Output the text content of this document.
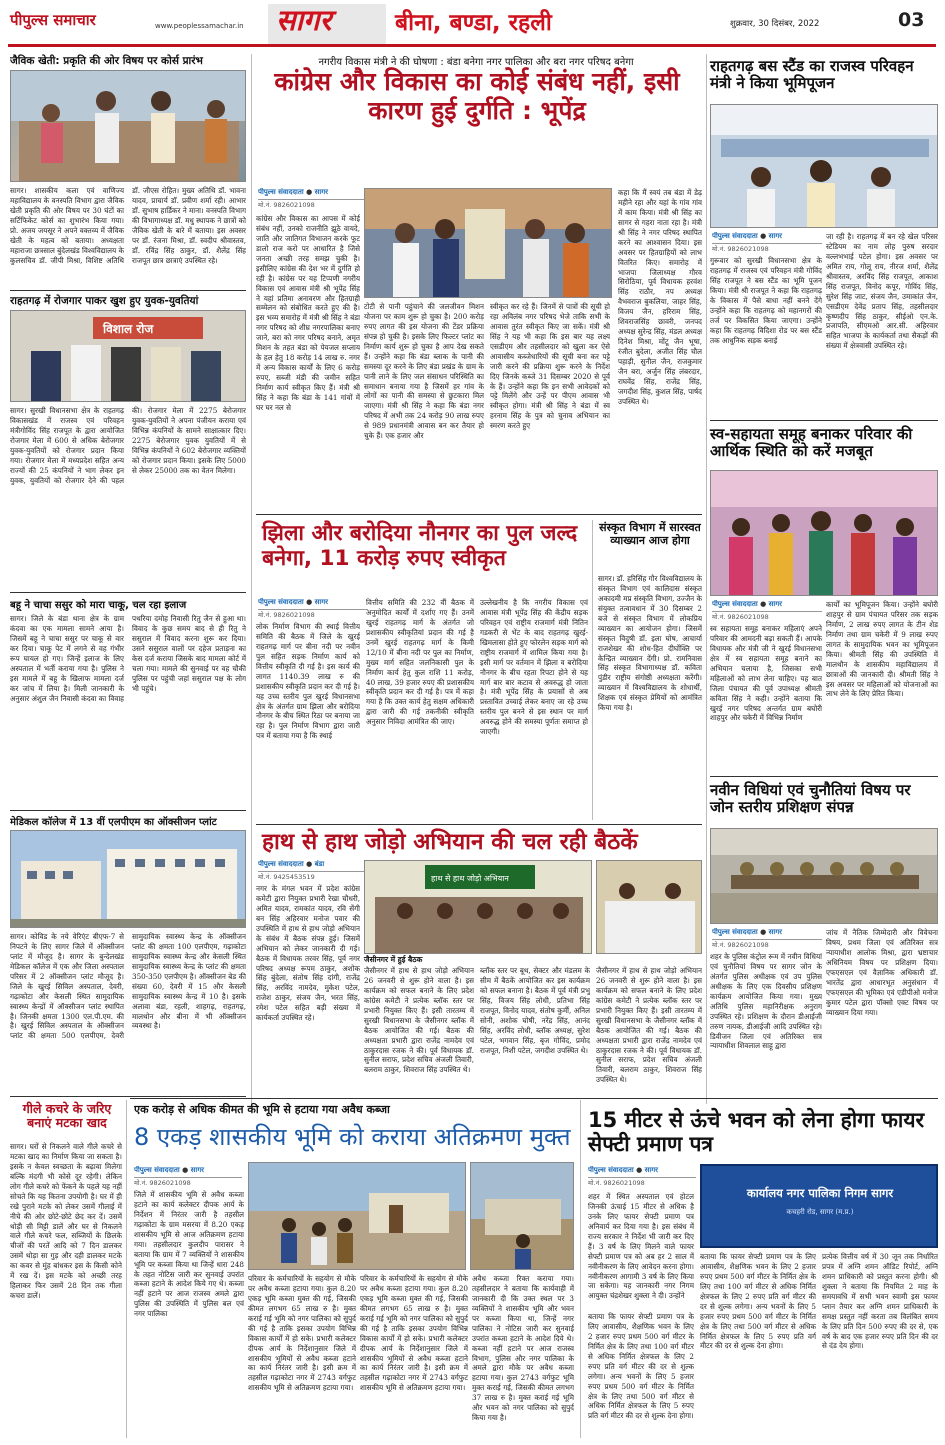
पीपुल्स समाचार	www.peoplessamachar.in सागर	बीना, बण्डा, रहली	शुक्रवार, 30 दिसंबर, 2022	03
जैविक खेती: प्रकृति की ओर विषय पर कोर्स प्रारंभ
सागर। शासकीय कला एवं वाणिज्य महाविद्यालय के वनस्पति विभाग द्वारा जैविक खेती प्रकृति की ओर विषय पर 30 घंटों का सर्टिफिकेट कोर्स का शुभारंभ किया गया। प्रो. अजय जयसूर ने अपने वक्तव्य में जैविक खेती के महत्व को बताया। अध्यक्षता महाराजा छत्रसाल बुंदेलखंड विश्वविद्यालय के कुलसचिव डॉ. जीपी मिश्रा, विशिष्ट अतिथि डॉ. जीएस रोहित। मुख्य अतिथि डॉ. भावना यादव, प्राचार्य डॉ. प्रवीण शर्मा रही। आभार डॉ. सुभाष हार्डिकर ने माना। वनस्पति विभाग की विभागाध्यक्ष डॉ. मधु स्थापक ने छात्रों को जैविक खेती के बारे में बताया। इस अवसर पर डॉ. रंजना मिश्रा, डॉ. स्वदीप श्रीवास्तव, डॉ. रविंद्र सिंह ठाकुर, डॉ. शैलेंद्र सिंह राजपूत छात्र छात्राएं उपस्थित रहे।
राहतगढ़ में रोजगार पाकर खुश हुए युवक-युवतियां
विशाल रोज
सागर। सुरखी विधानसभा क्षेत्र के राहतगढ़ विकासखंड में राजस्व एवं परिवहन मंत्रीगोविंद सिंह राजपूत के द्वारा आयोजित रोजगार मेला में 600 से अधिक बेरोजगार युवक-युवतियों को रोजगार प्रदान किया गया। रोजगार मेला में मध्यप्रदेश सहित अन्य राज्यों की 25 कंपनियों ने भाग लेकर इन युवक, युवतियों को रोजगार देने की पहल की। रोजगार मेला में 2275 बेरोजगार युवक-युवतियों ने अपना पंजीयन कराया एवं विभिन्न कंपनियों के सामने साक्षात्कार दिए। 2275 बेरोजगार युवक युवतियों में से विभिन्न कंपनियों ने 602 बेरोजगार व्यक्तियों को रोजगार प्रदान किया। इसके लिए 5000 से लेकर 25000 तक का वेतन मिलेगा।
बहू ने चाचा ससुर को मारा चाकू, चल रहा इलाज
सागर। जिले के बंडा थाना क्षेत्र के ग्राम कंदवा का एक मामला सामने आया है। जिसमें बहू ने चाचा ससुर पर चाकू से वार कर दिया। चाकू पेट में लगने से वह गंभीर रूप घायल हो गए। जिन्हें इलाज के लिए अस्पताल में भर्ती कराया गया है। पुलिस ने इस मामले में बहू के खिलाफ मामला दर्ज कर जांच में लिया है। मिली जानकारी के अनुसार अंशुल जैन निवासी कंदवा का विवाह पथरिया दमोह निवासी रितु जैन से हुआ था। विवाद के कुछ समय बाद से ही रितु ने ससुराल में विवाद करना शुरू कर दिया। उसने ससुराल वालों पर दहेज प्रताड़ना का केस दर्ज कराया जिसके बाद मामला कोर्ट में चला गया। मामले की सुनवाई पर वह चौकी पुलिस पर पहुंची जहां ससुराल पक्ष के लोग भी पहुंचे।
मेडिकल कॉलेज में 13 वीं एलपीएम का ऑक्सीजन प्लांट
सागर। कोविड के नये वेरिएंट बीएफ-7 से निपटने के लिए सागर जिले में ऑक्सीजन प्लांट में मौजूद है। सागर के बुन्देलखंड मेडिकल कॉलेज में एक और जिला अस्पताल परिसर में 2 ऑक्सीजन प्लांट मौजूद है। जिले के खुरई सिविल अस्पताल, देवरी, गढ़ाकोटा और केसली स्थित सामुदायिक स्वास्थ्य केन्द्रों में ऑक्सीजन प्लांट स्थापित है। जिनकी क्षमता 1300 एल.पी.एम. की है। खुरई सिविल अस्पताल के ऑक्सीजन प्लांट की क्षमता 500 एलपीएम, देवरी सामुदायिक स्वास्थ्य केन्द्र के ऑक्सीजन प्लांट की क्षमता 100 एलपीएम, गढ़ाकोटा सामुदायिक स्वास्थ्य केन्द्र और केसली स्थित सामुदायिक स्वास्थ्य केन्द्र के प्लांट की क्षमता 350-350 एलपीएम है। ऑक्सीजन बेड की संख्या 60, देवरी में 15 और केसली सामुदायिक स्वास्थ्य केन्द्र में 10 है। इसके अलावा बंडा, रहली, शाहगढ़, राहतगढ़, मालथोन और बीना में भी ऑक्सीजन व्यवस्था है।
गीले कचरे के जरिए बनाएं मटका खाद
सागर। घरों से निकलने वाले गीले कचरे से मटका खाद का निर्माण किया जा सकता है। इसके न केवल स्वच्छता के बढ़ावा मिलेगा बल्कि मंदगी भी कोसे दूर रहेगी। लेकिन लोग गीले कचरे को फेंकने के पहले यह नहीं सोचते कि यह कितना उपयोगी है। घर में ही रखे पुराने मटके को लेकर उसमें गीलाई में नीचे की ओर छोटे-छोटे छेद कर दें। उसमें थोड़ी सी मिट्टी डालें और घर से निकलने वाले गीले कचरे फल, सब्जियों के छिलके चीजों की परतें आदि को 7 दिन डालकर उसमें थोड़ा सा गुड़ और दही डालकर मटके का कवर से मुंह बांधकर इस के किसी कोने में रख दें। इस मटके को अच्छी तरह हिलाकर फिर उसमें 28 दिन तक गीला कचरा डालें।
नगरीय विकास मंत्री ने की घोषणा : बंडा बनेगा नगर पालिका और बरा नगर परिषद बनेगा
कांग्रेस और विकास का कोई संबंध नहीं, इसी कारण हुई दुर्गति : भूपेंद्र
पीपुल्स संवाददाता ● सागर
मो.नं. 9826021098
कांग्रेस और विकास का आपस में कोई संबंध नहीं, उनको राजनीति झूठे वायदे, जाति और जातिगत विभाजन करके फूट डालो राज करो पर आधारित है जिसे जनता अच्छी तरह समझ चुकी है। इसीलिए कांग्रेस की देश भर में दुर्गति हो रही है। कांग्रेस पर यह टिप्पणी नगरीय विकास एवं आवास मंत्री श्री भूपेंद्र सिंह ने यहां प्रतिमा अनावरण और हितग्राही सम्मेलन को संबोधित करते हुए की है। इस भव्य समारोह में मंत्री श्री सिंह ने बंडा नगर परिषद को शीघ्र नगरपालिका बनाए जाने, बरा को नगर परिषद बनाने, अमृत मिशन के तहत बंडा को पेयजल सप्लाय के हल हेतु 18 करोड़ 14 लाख रु. नगर में अन्य विकास कार्यों के लिए 6 करोड़ रुपए, सब्जी मंडी की जमीन सहित निर्माण कार्य स्वीकृत किए हैं। मंत्री श्री सिंह ने कहा कि बंडा के 141 गांवों में घर घर नल से
टोटी से पानी पहुंचाने की जलजीवन मिशन योजना पर काम शुरू हो चुका है। 200 करोड़ रुपए लागत की इस योजना की टेंडर प्रक्रिया संपन्न हो चुकी है। इसके लिए फिल्टर प्लांट का निर्माण कार्य शुरू हो चुका है आप देख सकते हैं। उन्होंने कहा कि बंडा ब्लाक के पानी की समस्या दूर करने के लिए बंडा प्रखंड के ग्राम के पानी लाने के लिए जल संसाधन परिस्थिति का समाधान बनाया गया है जिसमें हर गांव के लोगों का पानी की समस्या से छुटकारा मिल जाएगा। मंत्री श्री सिंह ने कहा कि बंडा नगर परिषद में अभी तक 24 करोड़ 90 लाख रुपए से 989 प्रधानमंत्री आवास बन कर तैयार हो चुके हैं। एक हजार और
स्वीकृत कर रहे हैं। जिनमें से पात्रों की सूची हो रहा अविलंब नगर परिषद भेजे ताकि सभी के आवास तुरंत स्वीकृत किए जा सकें। मंत्री श्री सिंह ने यह भी कहा कि इस बार यह लक्ष्य एसडीएम और तहसीलदार को खुला कर ऐसे आवासीय कब्जेधारियों की सूची बना कर पट्टे जारी करने की प्रक्रिया शुरू करने के निर्देश दिए जिनके कब्जे 31 दिसम्बर 2020 से पूर्व के हैं। उन्होंने कहा कि इन सभी आवेदकों को पट्टे मिलेंगे और उन्हें पर पीएम आवास भी स्वीकृत होगा। मंत्री श्री सिंह ने बंडा में स्व हरनाम सिंह के पुत्र को चुनाव अभियान का स्मरण करते हुए
कहा कि मैं स्वयं तब बंडा में डेढ़ महीने रहा और यहां के गांव गांव में काम किया। मंत्री श्री सिंह का सागर से गहरा नाता रहा है। मंत्री श्री सिंह ने नगर परिषद स्थापित करने का आश्वासन दिया। इस अवसर पर हितग्राहियों को लाभ वितरित किए। समारोह में भाजपा जिलाध्यक्ष गौरव सिरोठिया, पूर्व विधायक हरवंश सिंह राठौर, नप अध्यक्ष वैभवराज बुकलिया, जाहर सिंह, विजय जैन, हरिराम सिंह, शिवराजसिंह छावरी, जनपद अध्यक्ष सुरेन्द्र सिंह, मंडल अध्यक्ष दिनेश मिश्रा, मोंटू जैन भूषा, रंजीत बुदेला, अजीत सिंह चौल पहाड़ी, सुनील जैन, राजकुमार जैन बरा, अर्जुन सिंह लंबरदार, राघवेंद्र सिंह, राजेंद्र सिंह, जगदीश सिंह, कुशल सिंह, पार्षद उपस्थित थे।
झिला और बरोदिया नौनगर का पुल जल्द बनेगा, 11 करोड़ रुपए स्वीकृत
पीपुल्स संवाददाता ● सागर
मो.नं. 9826021098
लोक निर्माण विभाग की स्थाई वित्तीय समिति की बैठक में जिले के खुरई राहतगढ़ मार्ग पर बीना नदी पर नवीन पुल सहित सड़क निर्माण कार्य को वित्तीय स्वीकृति दी गई है। इस कार्य की लागत 1140.39 लाख रु की प्रशासकीय स्वीकृति प्रदान कर दी गई है। यह उच्च स्तरीय पुल खुरई विधानसभा क्षेत्र के अंतर्गत ग्राम झिला और बरोदिया नौनगर के बीच स्थित रिठा पर बनाया जा रहा है। पुल निर्माण विभाग द्वारा जारी पत्र में बताया गया है कि स्थाई
वित्तीय समिति की 232 वीं बैठक में अनुमोदित कार्यों में दर्शाए गए हैं। उनमें खुरई राहतगढ़ मार्ग के अंतर्गत जो प्रशासकीय स्वीकृतियां प्रदान की गई है उनमें खुरई राहतगढ़ मार्ग के किमी 12/10 में बीना नदी पर पुल का निर्माण, मुख्य मार्ग सहित जलनिकासी पुल के निर्माण कार्य हेतु कुल राशि 11 करोड़, 40 लाख, 39 हजार रुपए की प्रशासकीय स्वीकृति प्रदान कर दी गई है। पत्र में कहा गया है कि उक्त कार्य हेतु सक्षम अधिकारी द्वारा जारी की गई तकनीकी स्वीकृति अनुसार निविदा आमंत्रित की जाए।
उल्लेखनीय है कि नगरीय विकास एवं आवास मंत्री भूपेंद्र सिंह की केंद्रीय सड़क परिवहन एवं राष्ट्रीय राजमार्ग मंत्री नितिन गडकरी से भेंट के बाद राहतगढ़ खुरई-खिमलासा होते हुए फोरलेन सड़क मार्ग को राष्ट्रीय राजमार्ग में शामिल किया गया है। इसी मार्ग पर वर्तमान में झिला व बरोदिया नौनगर के बीच रहता रिपटा होने से यह मार्ग बार बार कटाव से अवरुद्ध हो जाता है। मंत्री भूपेंद्र सिंह के प्रयासों से अब प्रस्तावित उच्चाई लेकर बनाए जा रहे उच्च स्तरीय पुल बनने से इस स्थान पर मार्ग अवरुद्ध होने की समस्या पूर्णतः समाप्त हो जाएगी।
संस्कृत विभाग में सारस्वत व्याख्यान आज होगा
सागर। डॉ. हरिसिंह गौर विश्वविद्यालय के संस्कृत विभाग एवं कालिदास संस्कृत अकादमी मप्र संस्कृति विभाग, उज्जैन के संयुक्त तत्वावधान में 30 दिसम्बर 2 बजे से संस्कृत विभाग में लोकप्रिय व्याख्यान का आयोजन होगा। जिसमें संस्कृत विदुषी डॉ. इला घोष, आचार्या राजशेखर की शोध-हित दीर्घोक्ति पर केन्द्रित व्याख्यान देंगी। प्रो. रामनिवास सिंह संस्कृत विभागाध्यक्ष डॉ. कविता पुंडीर राष्ट्रीय संगोष्ठी अध्यक्षता करेंगी। व्याख्यान में विश्वविद्यालय के शोधार्थी, शिक्षक एवं संस्कृत प्रेमियों को आमंत्रित किया गया है।
हाथ से हाथ जोड़ो अभियान की चल रही बैठकें
पीपुल्स संवाददाता ● बंडा
मो.नं. 9425453519	हाथ से हाथ जोड़ो अभियान
जैसीनगर में हुई बैठक
नगर के मंगल भवन में प्रदेश कांग्रेस कमेटी द्वारा नियुक्त प्रभारी रेखा चौधरी, अमित यादव, रामकांत यादव, रवि सेंगी बन सिंह अहिरवार मनोज पवार की उपस्थिति में हाथ से हाथ जोड़ो अभियान के संबंध में बैठक संपन्न हुई। जिसमें अभियान को लेकर जानकारी दी गई। बैठक में विधायक तरवर सिंह, पूर्व नगर परिषद अध्यक्ष रूपम ठाकुर, अशोक सिंह बुंदेला, संतोष सिंह दांगी, राजेंद्र सिंह, अरविंद नामदेव, मुकेश पटेल, राजेश ठाकुर, संजय जैन, भरत सिंह, रमेश पटेल सहित बड़ी संख्या में कार्यकर्ता उपस्थित रहे।
जैसीनगर में हाथ से हाथ जोड़ो अभियान 26 जनवरी से शुरू होने वाला है। इस कार्यक्रम को सफल बनाने के लिए प्रदेश कांग्रेस कमेटी ने प्रत्येक ब्लॉक स्तर पर प्रभारी नियुक्त किए हैं। इसी तारतम्य में सुरखी विधानसभा के जैसीनगर ब्लॉक में बैठक आयोजित की गई। बैठक की अध्यक्षता प्रभारी द्वारा राजेंद्र नामदेव एवं ठाकुरदास रजक ने की। पूर्व विधायक डॉ. सुनील सराफ, प्रदेश सचिव अंजली तिवारी, बलराम ठाकुर, शिवराज सिंह उपस्थित थे।
ब्लॉक स्तर पर बूथ, सेक्टर और मंडलम के सीम में बैठकें आयोजित कर इस कार्यक्रम को सफल बनाना है। बैठक में पूर्व मंत्री प्रभु सिंह, विजय सिंह लोधी, प्रतिभा सिंह राजपूत, विनोद यादव, संतोष कुर्मी, अनिल सोनी, अशोक घोषी, नरेंद्र सिंह, आनंद सिंह, अरविंद लोधी, ब्लॉक अध्यक्ष, सुरेश पटेल, भगवान सिंह, बृज गोविंद, प्रमोद राजपूत, निशी पटेल, जगदीश उपस्थित थे।
जैसीनगर में हाथ से हाथ जोड़ो अभियान 26 जनवरी से शुरू होने वाला है। इस कार्यक्रम को सफल बनाने के लिए प्रदेश कांग्रेस कमेटी ने प्रत्येक ब्लॉक स्तर पर प्रभारी नियुक्त किए हैं। इसी तारतम्य में सुरखी विधानसभा के जैसीनगर ब्लॉक में बैठक आयोजित की गई। बैठक की अध्यक्षता प्रभारी द्वारा राजेंद्र नामदेव एवं ठाकुरदास रजक ने की। पूर्व विधायक डॉ. सुनील सराफ, प्रदेश सचिव अंजली तिवारी, बलराम ठाकुर, शिवराज सिंह उपस्थित थे।
राहतगढ़ बस स्टैंड का राजस्व परिवहन मंत्री ने किया भूमिपूजन
पीपुल्स संवाददाता ● सागर
मो.नं. 9826021098
गुरूवार को सुरखी विधानसभा क्षेत्र के राहतगढ़ में राजस्व एवं परिवहन मंत्री गोविंद सिंह राजपूत ने बस स्टैंड का भूमि पूजन किया। मंत्री श्री राजपूत ने कहा कि राहतगढ़ के विकास में पैसे बाधा नहीं बनने देंगे उन्होंने कहा कि राहतगढ़ को महानगरों की तर्ज पर विकसित किया जाएगा। उन्होंने कहा कि राहतगढ़ विदिशा रोड पर बस स्टैंड तक आधुनिक सड़क बनाई
जा रही है। राहतगढ़ में बन रहे खेल परिसर स्टेडियम का नाम लोह पुरुष सरदार वल्लभभाई पटेल होगा। इस अवसर पर अमित राय, गोलू राय, नीरज शर्मा, शैलेंद्र श्रीवास्तव, अरविंद सिंह राजपूत, आकाश सिंह राजपूत, विनोद कपूर, गोविंद सिंह, सुरेश सिंह जाट, संजय जैन, उमाकांत जैन, एसडीएम देवेंद्र प्रताप सिंह, तहसीलदार कृष्णदीप सिंह ठाकुर, सीईओ एन.के. प्रजापति, सीएमओ आर.सी. अहिरवार सहित भाजपा के कार्यकर्ता तथा सैकड़ों की संख्या में क्षेत्रवासी उपस्थित रहे।
स्व-सहायता समूह बनाकर परिवार की आर्थिक स्थिति को करें मजबूत
पीपुल्स संवाददाता ● सागर
मो.नं. 9826021098
स्व सहायता समूह बनाकर महिलाएं अपने परिवार की आमदनी बढ़ा सकती हैं। आपके विधायक और मंत्री जी ने खुरई विधानसभा क्षेत्र में स्व सहायता समूह बनाने का अभियान चलाया है, जिसका सभी महिलाओं को लाभ लेना चाहिए। यह बात जिला पंचायत की पूर्व उपाध्यक्ष श्रीमती कविता सिंह ने कही। उन्होंने बताया कि खुरई नगर परिषद अन्तर्गत ग्राम बघोरी शाहपुर और चकेरी में विभिन्न निर्माण
कार्यों का भूमिपूजन किया। उन्होंने बघोरी शाहपुर से ग्राम पंचायत परिसर तक सड़क निर्माण, 2 लाख रुपए लागत के टीन शेड निर्माण तथा ग्राम चकेरी में 9 लाख रुपए लागत के सामुदायिक भवन का भूमिपूजन किया। श्रीमती सिंह की उपस्थिति में मालथौन के शासकीय महाविद्यालय में छात्राओं की जानकारी दी। श्रीमती सिंह ने इस अवसर पर महिलाओं को योजनाओं का लाभ लेने के लिए प्रेरित किया।
नवीन विधियां एवं चुनौतियां विषय पर जोन स्तरीय प्रशिक्षण संपन्न
पीपुल्स संवाददाता ● सागर
मो.नं. 9826021098
शहर के पुलिस कंट्रोल रूम में नवीन विधियां एवं चुनौतियां विषय पर सागर जोन के अंतर्गत पुलिस अधीक्षक एवं उप पुलिस अधीक्षक के लिए एक दिवसीय प्रशिक्षण कार्यक्रम आयोजित किया गया। मुख्य अतिथि पुलिस महानिरीक्षक अनुराग उपस्थित रहे। प्रशिक्षण के दौरान डीआईजी तरुण नायक, डीआईजी आदि उपस्थित रहे। डिवीजन जिला एवं अतिरिक्त सत्र न्यायाधीश शिवलाल साहू द्वारा
जांच में नैतिक जिम्मेदारी और विवेचना विषय, प्रथम जिला एवं अतिरिक्त सत्र न्यायाधीश आलोक मिश्रा, द्वारा भ्रष्टाचार अधिनियम विषय पर प्रशिक्षण दिया। एफएसएल एवं वैज्ञानिक अधिकारी डॉ. भारतेंद्र द्वारा आधारभूत अनुसंधान में एफएसएल की भूमिका एवं एडीपीओ मनोज कुमार पटेल द्वारा पॉक्सो एक्ट विषय पर व्याख्यान दिया गया।
एक करोड़ से अधिक कीमत की भूमि से हटाया गया अवैध कब्जा
8 एकड़ शासकीय भूमि को कराया अतिक्रमण मुक्त
पीपुल्स संवाददाता ● सागर
मो.नं. 9826021098
जिले में शासकीय भूमि से अवैध कब्जा हटाने का कार्य कलेक्टर दीपक आर्य के निर्देशन में निरंतर जारी है तहसील गढ़ाकोटा के ग्राम मसरया में 8.20 एकड़ शासकीय भूमि से आज अतिक्रमण हटाया गया। तहसीलदार कुलदीप पारासर ने बताया कि ग्राम में 7 व्यक्तियों ने शासकीय भूमि पर कब्जा किया था जिन्हें धारा 248 के तहत नोटिस जारी कर सुनवाई उपरांत कब्जा हटाने के आदेश किये गए थे। कब्जा नहीं हटाने पर आज राजस्व अमले द्वारा पुलिस की उपस्थिति में पुलिस बल एवं नगर पालिका
परिवार के कर्मचारियों के सहयोग से मौके पर अवैध कब्जा हटाया गया। कुल 8.20 एकड़ भूमि कब्जा मुक्त की गई, जिसकी कीमत लगभग 65 लाख रु है। मुक्त कराई गई भूमि को नगर पालिका को सुपुर्द की गई है ताकि इसका उपयोग विभिन्न विकास कार्यों में हो सके। प्रभारी कलेक्टर दीपक आर्य के निर्देशानुसार जिले में शासकीय भूमियों से अवैध कब्जा हटाने का कार्य निरंतर जारी है। इसी क्रम में तहसील गढ़ाकोटा नगर में 2743 वर्गफुट शासकीय भूमि से अतिक्रमण हटाया गया।
परिवार के कर्मचारियों के सहयोग से मौके पर अवैध कब्जा हटाया गया। कुल 8.20 एकड़ भूमि कब्जा मुक्त की गई, जिसकी कीमत लगभग 65 लाख रु है। मुक्त कराई गई भूमि को नगर पालिका को सुपुर्द की गई है ताकि इसका उपयोग विभिन्न विकास कार्यों में हो सके। प्रभारी कलेक्टर दीपक आर्य के निर्देशानुसार जिले में शासकीय भूमियों से अवैध कब्जा हटाने का कार्य निरंतर जारी है। इसी क्रम में तहसील गढ़ाकोटा नगर में 2743 वर्गफुट शासकीय भूमि से अतिक्रमण हटाया गया।
अवैध कब्जा रिक्त कराया गया। तहसीलदार ने बताया कि कार्यवाही में जानकारी दी कि उक्त स्थल पर 3 व्यक्तियों ने शासकीय भूमि और भवन पर कब्जा किया था, जिन्हें नगर पालिका ने नोटिस जारी कर सुनवाई उपरांत कब्जा हटाने के आदेश दिये थे। कब्जा नहीं हटाने पर आज राजस्व विभाग, पुलिस और नगर पालिका के अमले द्वारा मौके पर अवैध कब्जा हटाया गया। कुल 2743 वर्गफुट भूमि मुक्त कराई गई, जिसकी कीमत लगभग 37 लाख रु है। मुक्त कराई गई भूमि और भवन को नगर पालिका को सुपुर्द किया गया है।
15 मीटर से ऊंचे भवन को लेना होगा फायर सेफ्टी प्रमाण पत्र
पीपुल्स संवाददाता ● सागर
मो.नं. 9826021098
कार्यालय नगर पालिका निगम सागर
कचहरी रोड, सागर (म.प्र.)
शहर में स्थित अस्पताल एवं होटल जिनकी ऊंचाई 15 मीटर से अधिक है उनके लिए फायर सेफ्टी प्रमाण पत्र अनिवार्य कर दिया गया है। इस संबंध में राज्य सरकार ने निर्देश भी जारी कर दिए हैं। 3 वर्ष के लिए मिलने वाले फायर सेफ्टी प्रमाण पत्र को अब हर 2 साल में नवीनीकरण के लिए आवेदन करना होगा। नवीनीकरण आगामी 3 वर्ष के लिए किया जा सकेगा। यह जानकारी नगर निगम आयुक्त चंद्रशेखर शुक्ला ने दी। उन्होंने
बताया कि फायर सेफ्टी प्रमाण पत्र के लिए आवासीय, शैक्षणिक भवन के लिए 2 हजार रुपए प्रथम 500 वर्ग मीटर के निर्मित क्षेत्र के लिए तथा 100 वर्ग मीटर से अधिक निर्मित क्षेत्रफल के लिए 2 रुपए प्रति वर्ग मीटर की दर से शुल्क लगेगा। अन्य भवनों के लिए 5 हजार रुपए प्रथम 500 वर्ग मीटर के निर्मित क्षेत्र के लिए तथा 500 वर्ग मीटर से अधिक निर्मित क्षेत्रफल के लिए 5 रुपए प्रति वर्ग मीटर की दर से शुल्क देना होगा।
प्रत्येक वित्तीय वर्ष में 30 जून तक निर्धारित प्रपत्र में अग्नि शमन ऑडिट रिपोर्ट, अग्नि शमन प्राधिकारी को प्रस्तुत करना होगी। श्री शुक्ला ने बताया कि नियमित 2 माह के समयावधि में सभी भवन स्वामी इस फायर प्लान तैयार कर अग्नि शमन प्राधिकारी के समक्ष प्रस्तुत नहीं करता तब विलंबित समय के लिए प्रति दिन 500 रुपए की दर से, एक वर्ष के बाद एक हजार रुपए प्रति दिन की दर से दंड देय होगा।
बताया कि फायर सेफ्टी प्रमाण पत्र के लिए आवासीय, शैक्षणिक भवन के लिए 2 हजार रुपए प्रथम 500 वर्ग मीटर के निर्मित क्षेत्र के लिए तथा 100 वर्ग मीटर से अधिक निर्मित क्षेत्रफल के लिए 2 रुपए प्रति वर्ग मीटर की दर से शुल्क लगेगा। अन्य भवनों के लिए 5 हजार रुपए प्रथम 500 वर्ग मीटर के निर्मित क्षेत्र के लिए तथा 500 वर्ग मीटर से अधिक निर्मित क्षेत्रफल के लिए 5 रुपए प्रति वर्ग मीटर की दर से शुल्क देना होगा।
